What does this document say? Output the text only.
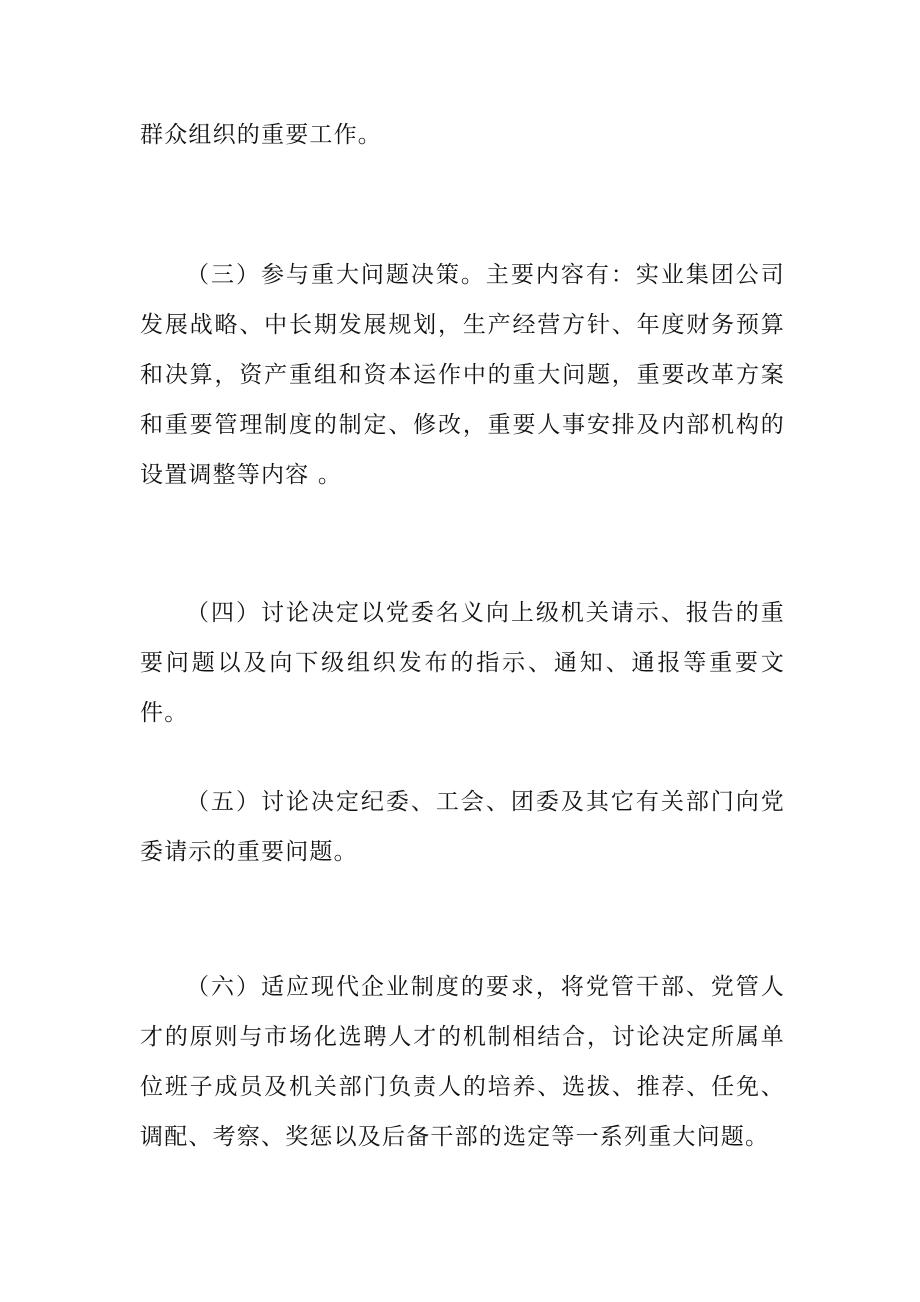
群众组织的重要工作。

（三）参与重大问题决策。主要内容有：实业集团公司发展战略、中长期发展规划，生产经营方针、年度财务预算和决算，资产重组和资本运作中的重大问题，重要改革方案和重要管理制度的制定、修改，重要人事安排及内部机构的设置调整等内容 。

（四）讨论决定以党委名义向上级机关请示、报告的重要问题以及向下级组织发布的指示、通知、通报等重要文件。

（五）讨论决定纪委、工会、团委及其它有关部门向党委请示的重要问题。

（六）适应现代企业制度的要求，将党管干部、党管人才的原则与市场化选聘人才的机制相结合，讨论决定所属单位班子成员及机关部门负责人的培养、选拔、推荐、任免、调配、考察、奖惩以及后备干部的选定等一系列重大问题。
